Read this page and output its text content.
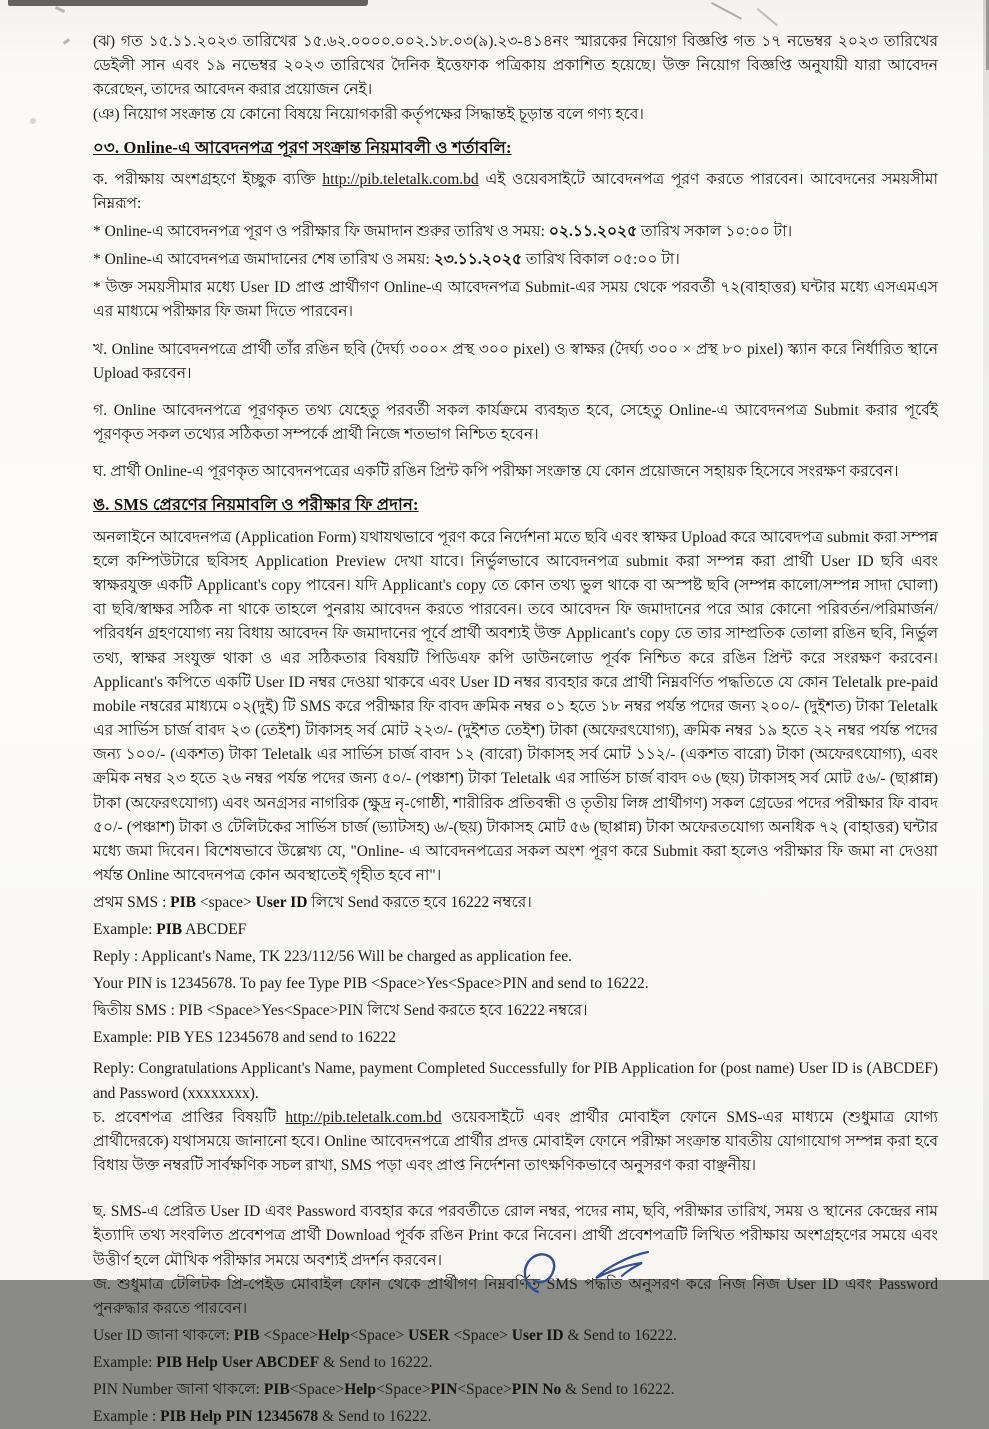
(ঝ) গত ১৫.১১.২০২৩ তারিখের ১৫.৬২.০০০০.০০২.১৮.০৩(৯).২৩-৪১৪নং স্মারকের নিয়োগ বিজ্ঞপ্তি গত ১৭ নভেম্বর ২০২৩ তারিখের ডেইলী সান এবং ১৯ নভেম্বর ২০২৩ তারিখের দৈনিক ইত্তেফাক পত্রিকায় প্রকাশিত হয়েছে। উক্ত নিয়োগ বিজ্ঞপ্তি অনুযায়ী যারা আবেদন করেছেন, তাদের আবেদন করার প্রয়োজন নেই।

(ঞ) নিয়োগ সংক্রান্ত যে কোনো বিষয়ে নিয়োগকারী কর্তৃপক্ষের সিদ্ধান্তই চূড়ান্ত বলে গণ্য হবে।

০৩. Online-এ আবেদনপত্র পূরণ সংক্রান্ত নিয়মাবলী ও শর্তাবলি:

ক. পরীক্ষায় অংশগ্রহণে ইচ্ছুক ব্যক্তি http://pib.teletalk.com.bd এই ওয়েবসাইটে আবেদনপত্র পূরণ করতে পারবেন। আবেদনের সময়সীমা নিম্নরূপ:

* Online-এ আবেদনপত্র পূরণ ও পরীক্ষার ফি জমাদান শুরুর তারিখ ও সময়: ০২.১১.২০২৫ তারিখ সকাল ১০:০০ টা।

* Online-এ আবেদনপত্র জমাদানের শেষ তারিখ ও সময়: ২৩.১১.২০২৫ তারিখ বিকাল ০৫:০০ টা।

* উক্ত সময়সীমার মধ্যে User ID প্রাপ্ত প্রার্থীগণ Online-এ আবেদনপত্র Submit-এর সময় থেকে পরবর্তী ৭২(বাহাত্তর) ঘন্টার মধ্যে এসএমএস এর মাধ্যমে পরীক্ষার ফি জমা দিতে পারবেন।

খ. Online আবেদনপত্রে প্রার্থী তাঁর রঙিন ছবি (দৈর্ঘ্য ৩০০× প্রস্থ ৩০০ pixel) ও স্বাক্ষর (দৈর্ঘ্য ৩০০ × প্রস্থ ৮০ pixel) স্ক্যান করে নির্ধারিত স্থানে Upload করবেন।

গ. Online আবেদনপত্রে পূরণকৃত তথ্য যেহেতু পরবর্তী সকল কার্যক্রমে ব্যবহৃত হবে, সেহেতু Online-এ আবেদনপত্র Submit করার পূর্বেই পূরণকৃত সকল তথ্যের সঠিকতা সম্পর্কে প্রার্থী নিজে শতভাগ নিশ্চিত হবেন।

ঘ. প্রার্থী Online-এ পূরণকৃত আবেদনপত্রের একটি রঙিন প্রিন্ট কপি পরীক্ষা সংক্রান্ত যে কোন প্রয়োজনে সহায়ক হিসেবে সংরক্ষণ করবেন।

ঙ. SMS প্রেরণের নিয়মাবলি ও পরীক্ষার ফি প্রদান:

অনলাইনে আবেদনপত্র (Application Form) যথাযথভাবে পূরণ করে নির্দেশনা মতে ছবি এবং স্বাক্ষর Upload করে আবেদপত্র submit করা সম্পন্ন হলে কম্পিউটারে ছবিসহ Application Preview দেখা যাবে। নির্ভুলভাবে আবেদনপত্র submit করা সম্পন্ন করা প্রার্থী User ID ছবি এবং স্বাক্ষরযুক্ত একটি Applicant's copy পাবেন। যদি Applicant's copy তে কোন তথ্য ভুল থাকে বা অস্পষ্ট ছবি (সম্পন্ন কালো/সম্পন্ন সাদা ঘোলা) বা ছবি/স্বাক্ষর সঠিক না থাকে তাহলে পুনরায় আবেদন করতে পারবেন। তবে আবেদন ফি জমাদানের পরে আর কোনো পরিবর্তন/পরিমার্জন/পরিবর্ধন গ্রহণযোগ্য নয় বিধায় আবেদন ফি জমাদানের পূর্বে প্রার্থী অবশ্যই উক্ত Applicant's copy তে তার সাম্প্রতিক তোলা রঙিন ছবি, নির্ভুল তথ্য, স্বাক্ষর সংযুক্ত থাকা ও এর সঠিকতার বিষয়টি পিডিএফ কপি ডাউনলোড পূর্বক নিশ্চিত করে রঙিন প্রিন্ট করে সংরক্ষণ করবেন। Applicant's কপিতে একটি User ID নম্বর দেওয়া থাকবে এবং User ID নম্বর ব্যবহার করে প্রার্থী নিম্নবর্ণিত পদ্ধতিতে যে কোন Teletalk pre-paid mobile নম্বরের মাধ্যমে ০২(দুই) টি SMS করে পরীক্ষার ফি বাবদ ক্রমিক নম্বর ০১ হতে ১৮ নম্বর পর্যন্ত পদের জন্য ২০০/- (দুইশত) টাকা Teletalk এর সার্ভিস চার্জ বাবদ ২৩ (তেইশ) টাকাসহ সর্ব মোট ২২৩/- (দুইশত তেইশ) টাকা (অফেরৎযোগ্য), ক্রমিক নম্বর ১৯ হতে ২২ নম্বর পর্যন্ত পদের জন্য ১০০/- (একশত) টাকা Teletalk এর সার্ভিস চার্জ বাবদ ১২ (বারো) টাকাসহ সর্ব মোট ১১২/- (একশত বারো) টাকা (অফেরৎযোগ্য), এবং ক্রমিক নম্বর ২৩ হতে ২৬ নম্বর পর্যন্ত পদের জন্য ৫০/- (পঞ্চাশ) টাকা Teletalk এর সার্ভিস চার্জ বাবদ ০৬ (ছয়) টাকাসহ সর্ব মোট ৫৬/- (ছাপ্পান্ন) টাকা (অফেরৎযোগ্য) এবং অনগ্রসর নাগরিক (ক্ষুদ্র নৃ-গোষ্ঠী, শারীরিক প্রতিবন্ধী ও তৃতীয় লিঙ্গ প্রার্থীগণ) সকল গ্রেডের পদের পরীক্ষার ফি বাবদ ৫০/- (পঞ্চাশ) টাকা ও টেলিটকের সার্ভিস চার্জ (ভ্যাটসহ) ৬/-(ছয়) টাকাসহ মোট ৫৬ (ছাপ্পান্ন) টাকা অফেরতযোগ্য অনধিক ৭২ (বাহাত্তর) ঘন্টার মধ্যে জমা দিবেন। বিশেষভাবে উল্লেখ্য যে, "Online- এ আবেদনপত্রের সকল অংশ পূরণ করে Submit করা হলেও পরীক্ষার ফি জমা না দেওয়া পর্যন্ত Online আবেদনপত্র কোন অবস্থাতেই গৃহীত হবে না"।

প্রথম SMS : PIB <space> User ID লিখে Send করতে হবে 16222 নম্বরে।

Example: PIB ABCDEF

Reply : Applicant's Name, TK 223/112/56 Will be charged as application fee.

Your PIN is 12345678. To pay fee Type PIB <Space>Yes<Space>PIN and send to 16222.

দ্বিতীয় SMS : PIB <Space>Yes<Space>PIN লিখে Send করতে হবে 16222 নম্বরে।

Example: PIB YES 12345678 and send to 16222

Reply: Congratulations Applicant's Name, payment Completed Successfully for PIB Application for (post name) User ID is (ABCDEF) and Password (xxxxxxxx).

চ. প্রবেশপত্র প্রাপ্তির বিষয়টি http://pib.teletalk.com.bd ওয়েবসাইটে এবং প্রার্থীর মোবাইল ফোনে SMS-এর মাধ্যমে (শুধুমাত্র যোগ্য প্রার্থীদেরকে) যথাসময়ে জানানো হবে। Online আবেদনপত্রে প্রার্থীর প্রদত্ত মোবাইল ফোনে পরীক্ষা সংক্রান্ত যাবতীয় যোগাযোগ সম্পন্ন করা হবে বিধায় উক্ত নম্বরটি সার্বক্ষণিক সচল রাখা, SMS পড়া এবং প্রাপ্ত নির্দেশনা তাৎক্ষণিকভাবে অনুসরণ করা বাঞ্ছনীয়।

ছ. SMS-এ প্রেরিত User ID এবং Password ব্যবহার করে পরবর্তীতে রোল নম্বর, পদের নাম, ছবি, পরীক্ষার তারিখ, সময় ও স্থানের কেন্দ্রের নাম ইত্যাদি তথ্য সংবলিত প্রবেশপত্র প্রার্থী Download পূর্বক রঙিন Print করে নিবেন। প্রার্থী প্রবেশপত্রটি লিখিত পরীক্ষায় অংশগ্রহণের সময়ে এবং উত্তীর্ণ হলে মৌখিক পরীক্ষার সময়ে অবশ্যই প্রদর্শন করবেন।

জ. শুধুমাত্র টেলিটক প্রি-পেইড মোবাইল ফোন থেকে প্রার্থীগণ নিম্নবর্ণিত SMS পদ্ধতি অনুসরণ করে নিজ নিজ User ID এবং Password পুনরুদ্ধার করতে পারবেন।

User ID জানা থাকলে: PIB <Space>Help<Space> USER <Space> User ID & Send to 16222.

Example: PIB Help User ABCDEF & Send to 16222.

PIN Number জানা থাকলে: PIB<Space>Help<Space>PIN<Space>PIN No & Send to 16222.

Example : PIB Help PIN 12345678 & Send to 16222.
